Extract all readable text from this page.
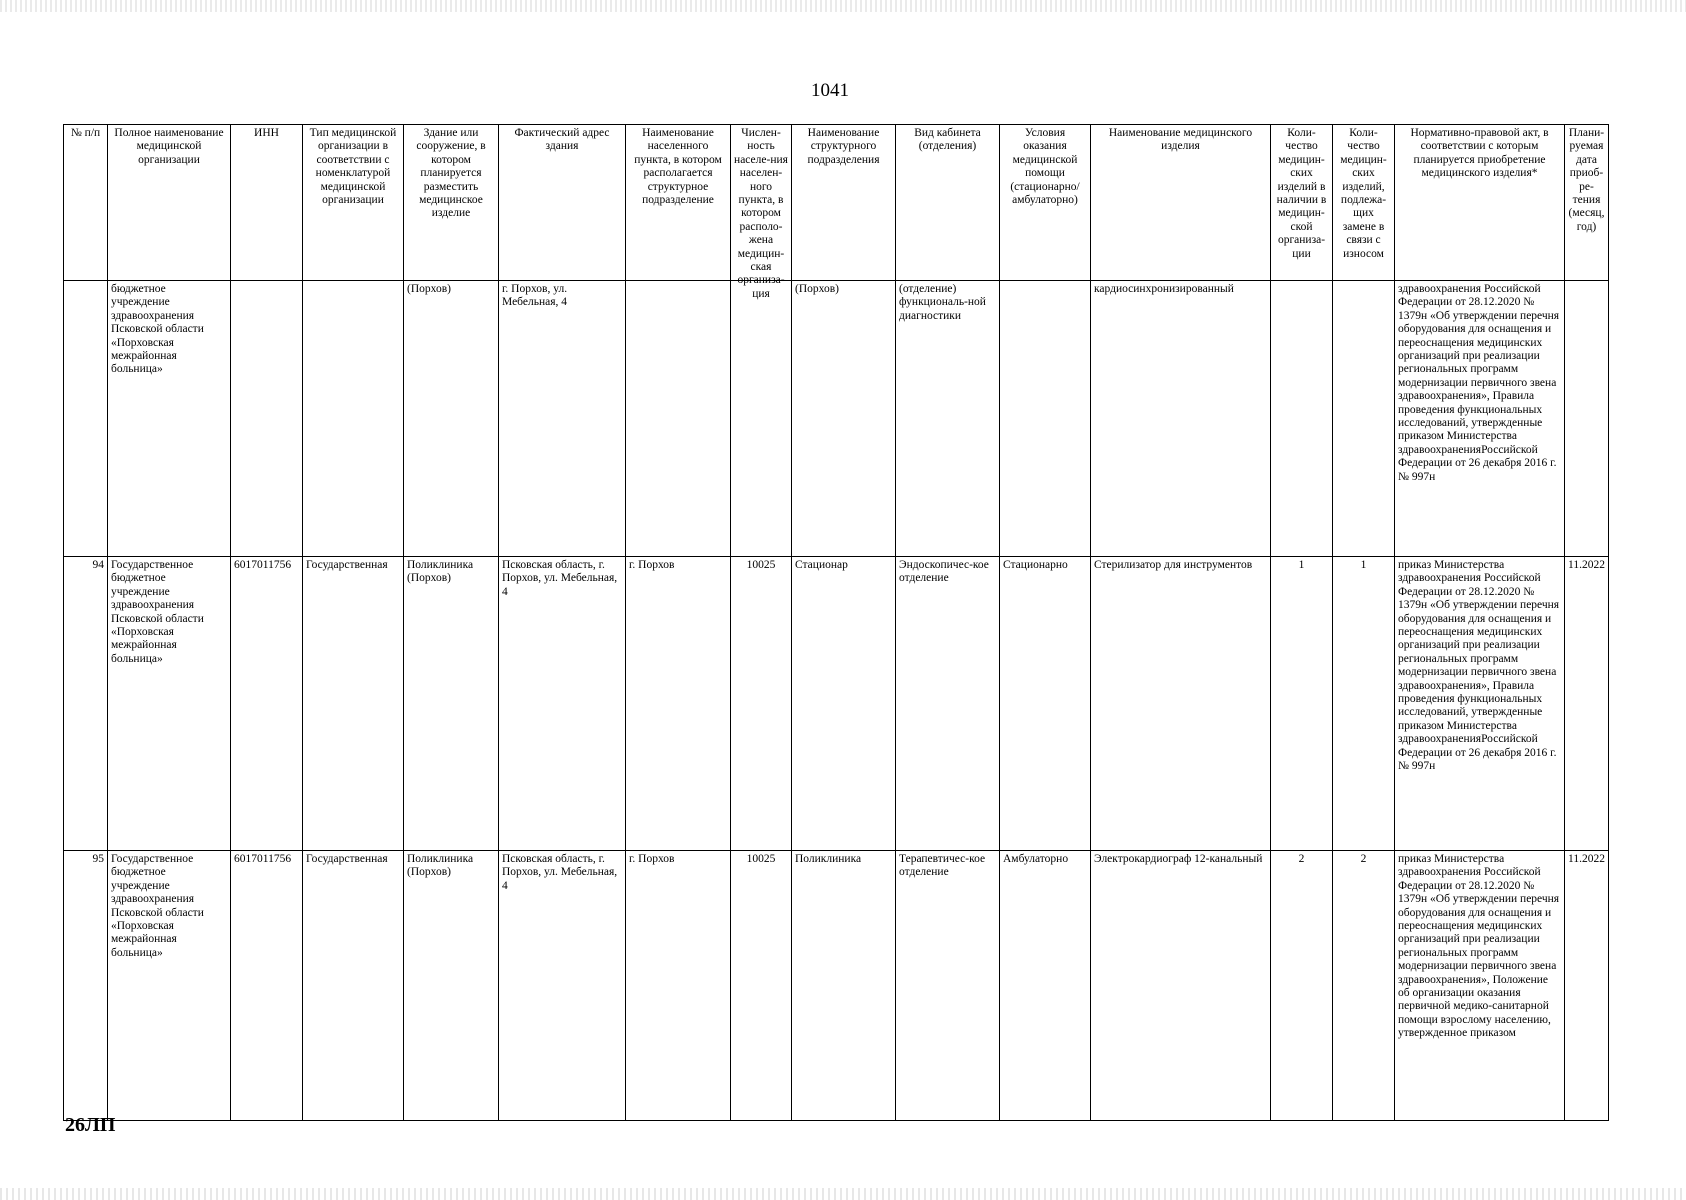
1041
№ п/п	Полное наименование медицинской организации	ИНН	Тип медицинской организации в соответствии с номенклатурой медицинской организации	Здание или сооружение, в котором планируется разместить медицинское изделие	Фактический адрес здания	Наименование населенного пункта, в котором располагается структурное подразделение	Числен-ность населе-ния населен-ного пункта, в котором располо-жена медицин-ская организа-ция	Наименование структурного подразделения	Вид кабинета (отделения)	Условия оказания медицинской помощи (стационарно/ амбулаторно)	Наименование медицинского изделия	Коли-чество медицин-ских изделий в наличии в медицин-ской организа-ции	Коли-чество медицин-ских изделий, подлежа-щих замене в связи с износом	Нормативно-правовой акт, в соответствии с которым планируется приобретение медицинского изделия*	Плани-руемая дата приоб-ре-тения (месяц, год)

	бюджетное учреждение здравоохранения Псковской области «Порховская межрайонная больница»			(Порхов)	г. Порхов, ул. Мебельная, 4			(Порхов)	(отделение) функциональ-ной диагностики		кардиосинхронизированный			здравоохранения Российской Федерации от 28.12.2020 № 1379н «Об утверждении перечня оборудования для оснащения и переоснащения медицинских организаций при реализации региональных программ модернизации первичного звена здравоохранения», Правила проведения функциональных исследований, утвержденные приказом Министерства здравоохраненияРоссийской Федерации от 26 декабря 2016 г. № 997н	

94	Государственное бюджетное учреждение здравоохранения Псковской области «Порховская межрайонная больница»	6017011756	Государственная	Поликлиника (Порхов)	Псковская область, г. Порхов, ул. Мебельная, 4	г. Порхов	10025	Стационар	Эндоскопичес-кое отделение	Стационарно	Стерилизатор для инструментов	1	1	приказ Министерства здравоохранения Российской Федерации от 28.12.2020 № 1379н «Об утверждении перечня оборудования для оснащения и переоснащения медицинских организаций при реализации региональных программ модернизации первичного звена здравоохранения», Правила проведения функциональных исследований, утвержденные приказом Министерства здравоохраненияРоссийской Федерации от 26 декабря 2016 г. № 997н	11.2022

95	Государственное бюджетное учреждение здравоохранения Псковской области «Порховская межрайонная больница»	6017011756	Государственная	Поликлиника (Порхов)	Псковская область, г. Порхов, ул. Мебельная, 4	г. Порхов	10025	Поликлиника	Терапевтичес-кое отделение	Амбулаторно	Электрокардиограф 12-канальный	2	2	приказ Министерства здравоохранения Российской Федерации от 28.12.2020 № 1379н «Об утверждении перечня оборудования для оснащения и переоснащения медицинских организаций при реализации региональных программ модернизации первичного звена здравоохранения», Положение об организации оказания первичной медико-санитарной помощи взрослому населению, утвержденное приказом	11.2022
26ЛП
